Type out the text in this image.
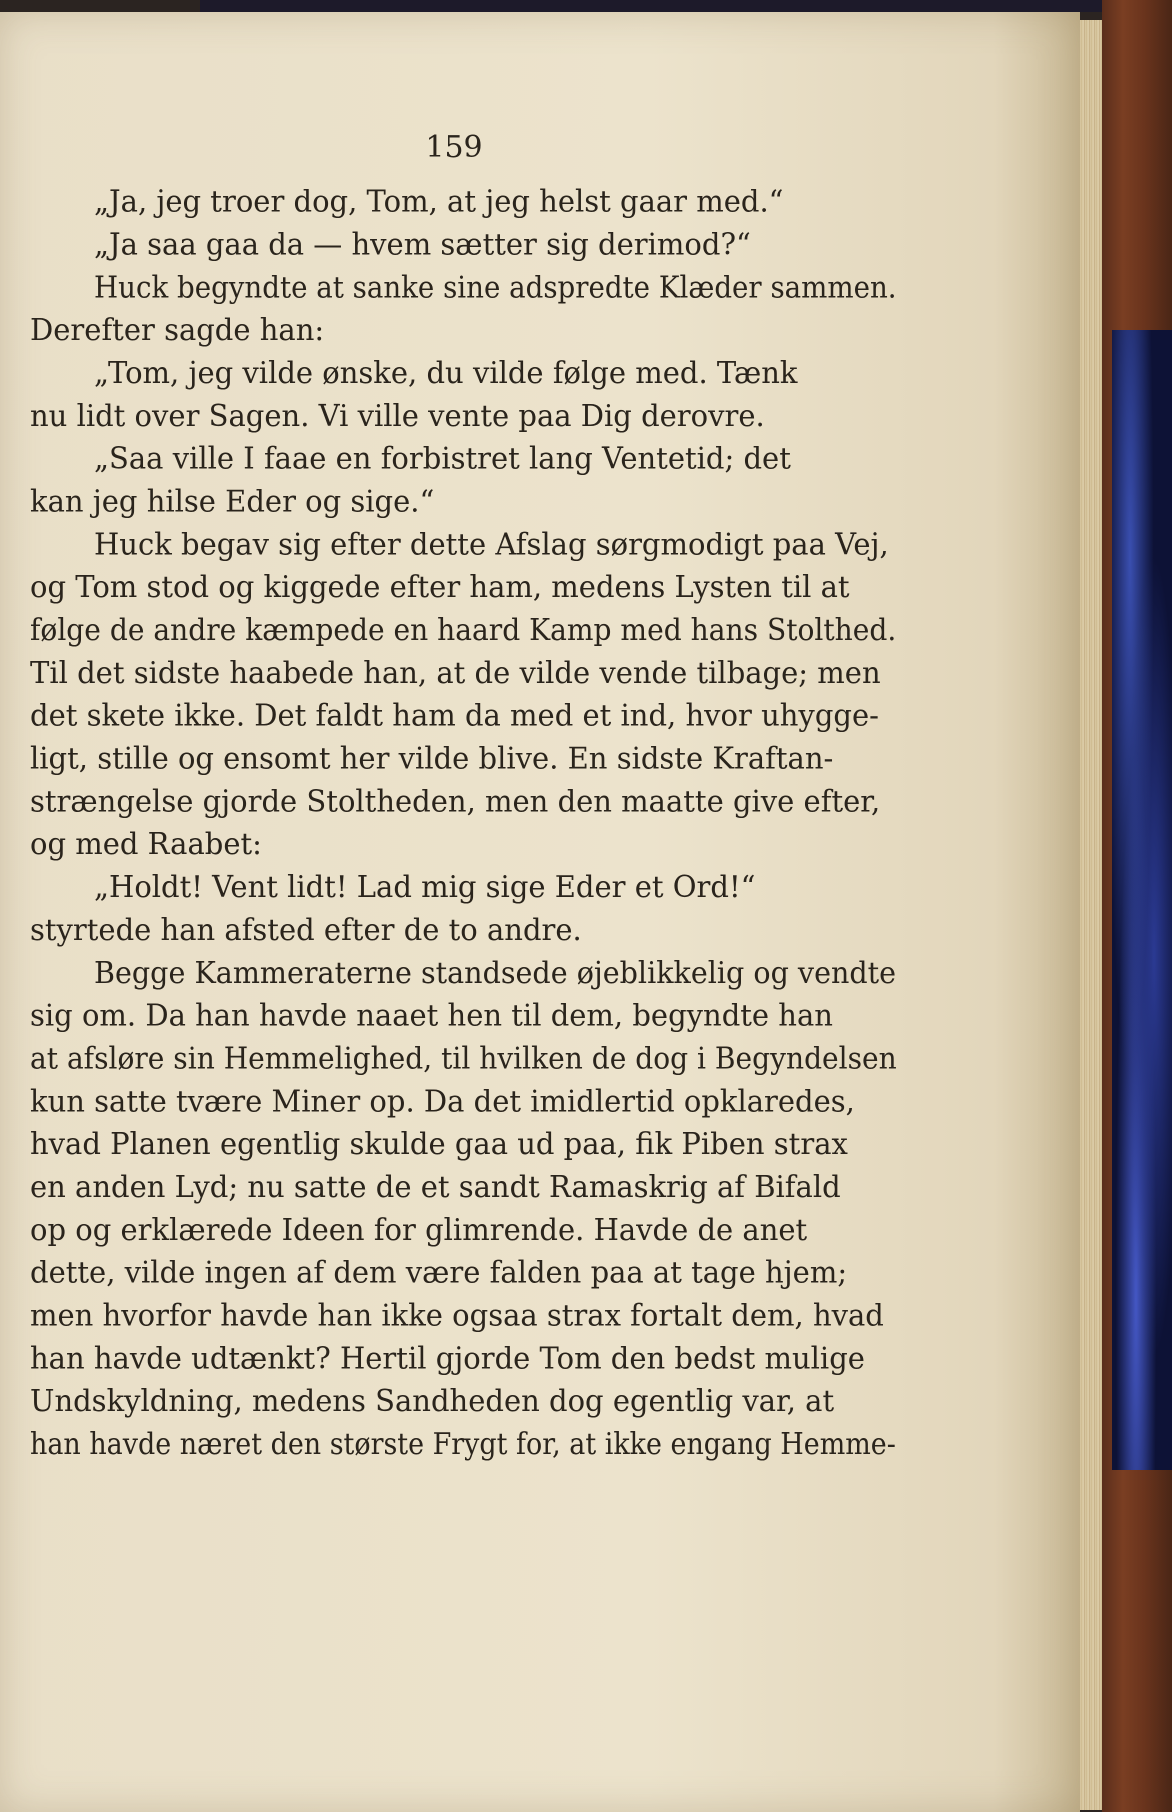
159
„Ja, jeg troer dog, Tom, at jeg helst gaar med.“
„Ja saa gaa da — hvem sætter sig derimod?“
Huck begyndte at sanke sine adspredte Klæder sammen.
Derefter sagde han:
„Tom, jeg vilde ønske, du vilde følge med. Tænk
nu lidt over Sagen. Vi ville vente paa Dig derovre.
„Saa ville I faae en forbistret lang Ventetid; det
kan jeg hilse Eder og sige.“
Huck begav sig efter dette Afslag sørgmodigt paa Vej,
og Tom stod og kiggede efter ham, medens Lysten til at
følge de andre kæmpede en haard Kamp med hans Stolthed.
Til det sidste haabede han, at de vilde vende tilbage; men
det skete ikke. Det faldt ham da med et ind, hvor uhygge-
ligt, stille og ensomt her vilde blive. En sidste Kraftan-
strængelse gjorde Stoltheden, men den maatte give efter,
og med Raabet:
„Holdt! Vent lidt! Lad mig sige Eder et Ord!“
styrtede han afsted efter de to andre.
Begge Kammeraterne standsede øjeblikkelig og vendte
sig om. Da han havde naaet hen til dem, begyndte han
at afsløre sin Hemmelighed, til hvilken de dog i Begyndelsen
kun satte tvære Miner op. Da det imidlertid opklaredes,
hvad Planen egentlig skulde gaa ud paa, fik Piben strax
en anden Lyd; nu satte de et sandt Ramaskrig af Bifald
op og erklærede Ideen for glimrende. Havde de anet
dette, vilde ingen af dem være falden paa at tage hjem;
men hvorfor havde han ikke ogsaa strax fortalt dem, hvad
han havde udtænkt? Hertil gjorde Tom den bedst mulige
Undskyldning, medens Sandheden dog egentlig var, at
han havde næret den største Frygt for, at ikke engang Hemme-
